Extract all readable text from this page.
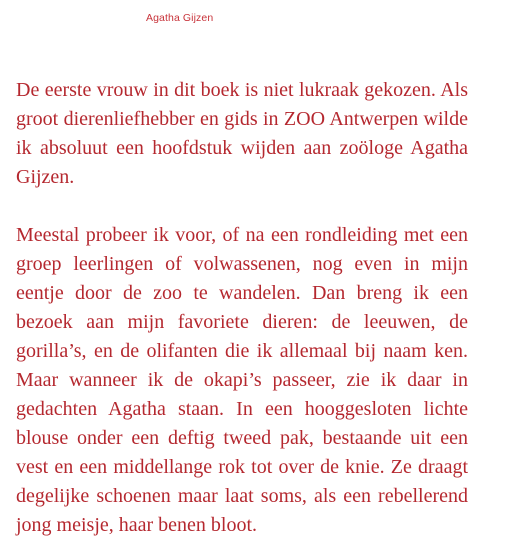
Agatha Gijzen

De eerste vrouw in dit boek is niet lukraak gekozen. Als groot dierenliefhebber en gids in ZOO Antwerpen wilde ik absoluut een hoofdstuk wijden aan zoöloge Agatha Gijzen.

Meestal probeer ik voor, of na een rondleiding met een groep leerlingen of volwassenen, nog even in mijn eentje door de zoo te wandelen. Dan breng ik een bezoek aan mijn favoriete dieren: de leeuwen, de gorilla’s, en de olifanten die ik allemaal bij naam ken. Maar wanneer ik de okapi’s passeer, zie ik daar in gedachten Agatha staan. In een hooggesloten lichte blouse onder een deftig tweed pak, bestaande uit een vest en een middellange rok tot over de knie. Ze draagt degelijke schoenen maar laat soms, als een rebellerend jong meisje, haar benen bloot.
